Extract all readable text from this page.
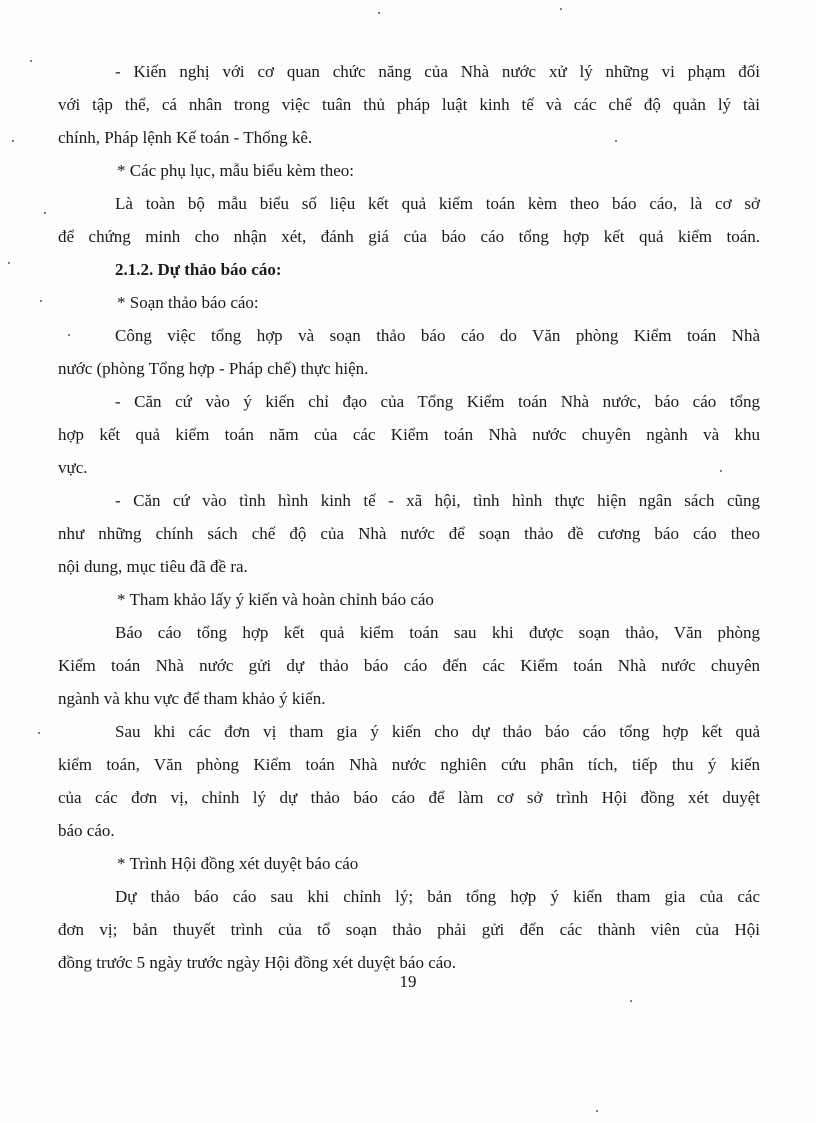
- Kiến nghị với cơ quan chức năng của Nhà nước xử lý những vi phạm đối
với tập thể, cá nhân trong việc tuân thủ pháp luật kinh tế và các chế độ quản lý tài
chính, Pháp lệnh Kế toán - Thống kê.
* Các phụ lục, mẫu biểu kèm theo:
Là toàn bộ mẫu biểu số liệu kết quả kiểm toán kèm theo báo cáo, là cơ sở
để chứng minh cho nhận xét, đánh giá của báo cáo tổng hợp kết quả kiểm toán.
2.1.2. Dự thảo báo cáo:
* Soạn thảo báo cáo:
Công việc tổng hợp và soạn thảo báo cáo do Văn phòng Kiểm toán Nhà
nước (phòng Tổng hợp - Pháp chế) thực hiện.
- Căn cứ vào ý kiến chỉ đạo của Tổng Kiểm toán Nhà nước, báo cáo tổng
hợp kết quả kiểm toán năm của các Kiểm toán Nhà nước chuyên ngành và khu
vực.
- Căn cứ vào tình hình kinh tế - xã hội, tình hình thực hiện ngân sách cũng
như những chính sách chế độ của Nhà nước để soạn thảo đề cương báo cáo theo
nội dung, mục tiêu đã đề ra.
* Tham khảo lấy ý kiến và hoàn chỉnh báo cáo
Báo cáo tổng hợp kết quả kiểm toán sau khi được soạn thảo, Văn phòng
Kiểm toán Nhà nước gửi dự thảo báo cáo đến các Kiểm toán Nhà nước chuyên
ngành và khu vực để tham khảo ý kiến.
Sau khi các đơn vị tham gia ý kiến cho dự thảo báo cáo tổng hợp kết quả
kiểm toán, Văn phòng Kiểm toán Nhà nước nghiên cứu phân tích, tiếp thu ý kiến
của các đơn vị, chỉnh lý dự thảo báo cáo để làm cơ sở trình Hội đồng xét duyệt
báo cáo.
* Trình Hội đồng xét duyệt báo cáo
Dự thảo báo cáo sau khi chỉnh lý; bản tổng hợp ý kiến tham gia của các
đơn vị; bản thuyết trình của tổ soạn thảo phải gửi đến các thành viên của Hội
đồng trước 5 ngày trước ngày Hội đồng xét duyệt báo cáo.
19
